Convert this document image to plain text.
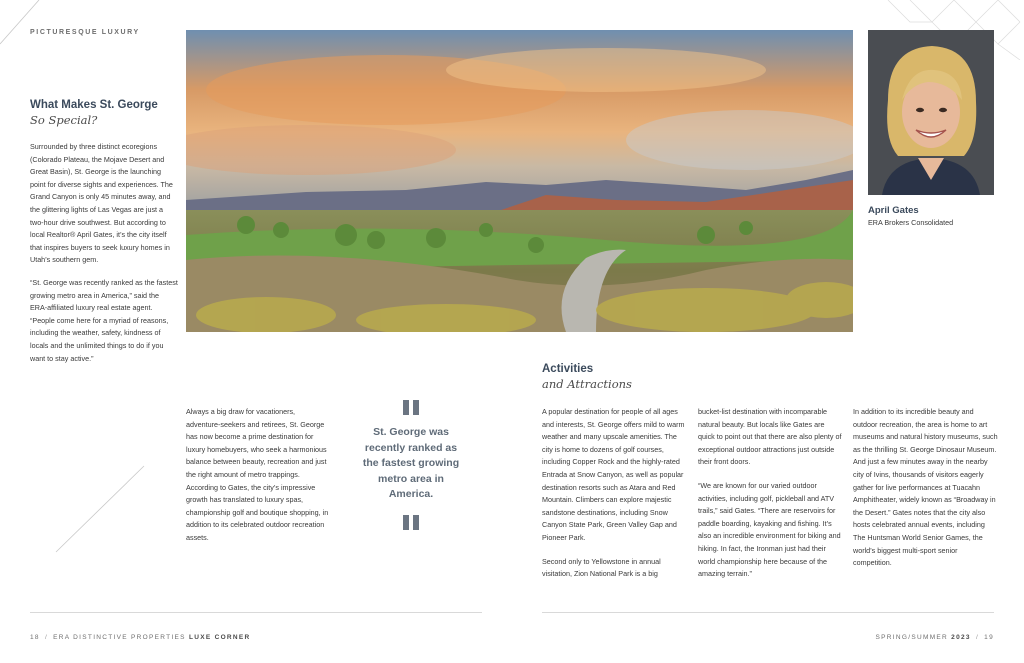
PICTURESQUE LUXURY
What Makes St. George
So Special?

Surrounded by three distinct ecoregions (Colorado Plateau, the Mojave Desert and Great Basin), St. George is the launching point for diverse sights and experiences. The Grand Canyon is only 45 minutes away, and the glittering lights of Las Vegas are just a two-hour drive southwest. But according to local Realtor® April Gates, it’s the city itself that inspires buyers to seek luxury homes in Utah’s southern gem.

“St. George was recently ranked as the fastest growing metro area in America,” said the ERA-affiliated luxury real estate agent. “People come here for a myriad of reasons, including the weather, safety, kindness of locals and the unlimited things to do if you want to stay active.”

April Gates
ERA Brokers Consolidated

Always a big draw for vacationers, adventure-seekers and retirees, St. George has now become a prime destination for luxury homebuyers, who seek a harmonious balance between beauty, recreation and just the right amount of metro trappings. According to Gates, the city’s impressive growth has translated to luxury spas, championship golf and boutique shopping, in addition to its celebrated outdoor recreation assets.

St. George was recently ranked as the fastest growing metro area in America.
Activities
and Attractions

A popular destination for people of all ages and interests, St. George offers mild to warm weather and many upscale amenities. The city is home to dozens of golf courses, including Copper Rock and the highly-rated Entrada at Snow Canyon, as well as popular destination resorts such as Atara and Red Mountain. Climbers can explore majestic sandstone destinations, including Snow Canyon State Park, Green Valley Gap and Pioneer Park.

Second only to Yellowstone in annual visitation, Zion National Park is a big

bucket-list destination with incomparable natural beauty. But locals like Gates are quick to point out that there are also plenty of exceptional outdoor attractions just outside their front doors.

“We are known for our varied outdoor activities, including golf, pickleball and ATV trails,” said Gates. “There are reservoirs for paddle boarding, kayaking and fishing. It’s also an incredible environment for biking and hiking. In fact, the Ironman just had their world championship here because of the amazing terrain.”

In addition to its incredible beauty and outdoor recreation, the area is home to art museums and natural history museums, such as the thrilling St. George Dinosaur Museum. And just a few minutes away in the nearby city of Ivins, thousands of visitors eagerly gather for live performances at Tuacahn Amphitheater, widely known as “Broadway in the Desert.” Gates notes that the city also hosts celebrated annual events, including The Huntsman World Senior Games, the world’s biggest multi-sport senior competition.

18 / ERA DISTINCTIVE PROPERTIES LUXE CORNER	SPRING/SUMMER 2023 / 19
